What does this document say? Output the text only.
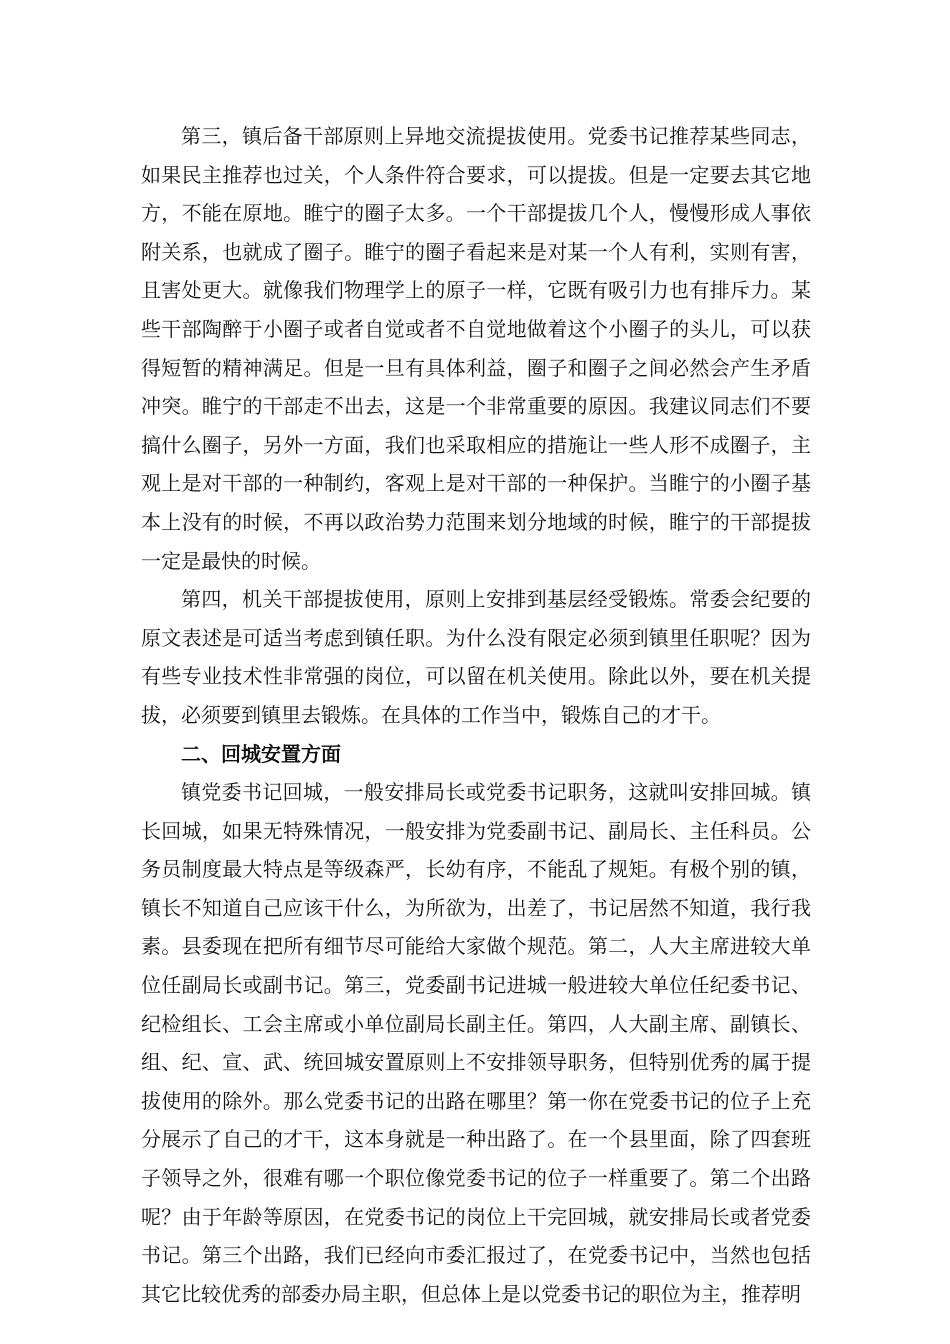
第三，镇后备干部原则上异地交流提拔使用。党委书记推荐某些同志，如果民主推荐也过关，个人条件符合要求，可以提拔。但是一定要去其它地方，不能在原地。睢宁的圈子太多。一个干部提拔几个人，慢慢形成人事依附关系，也就成了圈子。睢宁的圈子看起来是对某一个人有利，实则有害，且害处更大。就像我们物理学上的原子一样，它既有吸引力也有排斥力。某些干部陶醉于小圈子或者自觉或者不自觉地做着这个小圈子的头儿，可以获得短暂的精神满足。但是一旦有具体利益，圈子和圈子之间必然会产生矛盾冲突。睢宁的干部走不出去，这是一个非常重要的原因。我建议同志们不要搞什么圈子，另外一方面，我们也采取相应的措施让一些人形不成圈子，主观上是对干部的一种制约，客观上是对干部的一种保护。当睢宁的小圈子基本上没有的时候，不再以政治势力范围来划分地域的时候，睢宁的干部提拔一定是最快的时候。

第四，机关干部提拔使用，原则上安排到基层经受锻炼。常委会纪要的原文表述是可适当考虑到镇任职。为什么没有限定必须到镇里任职呢？因为有些专业技术性非常强的岗位，可以留在机关使用。除此以外，要在机关提拔，必须要到镇里去锻炼。在具体的工作当中，锻炼自己的才干。

二、回城安置方面

镇党委书记回城，一般安排局长或党委书记职务，这就叫安排回城。镇长回城，如果无特殊情况，一般安排为党委副书记、副局长、主任科员。公务员制度最大特点是等级森严，长幼有序，不能乱了规矩。有极个别的镇，镇长不知道自己应该干什么，为所欲为，出差了，书记居然不知道，我行我素。县委现在把所有细节尽可能给大家做个规范。第二，人大主席进较大单位任副局长或副书记。第三，党委副书记进城一般进较大单位任纪委书记、纪检组长、工会主席或小单位副局长副主任。第四，人大副主席、副镇长、组、纪、宣、武、统回城安置原则上不安排领导职务，但特别优秀的属于提拔使用的除外。那么党委书记的出路在哪里？第一你在党委书记的位子上充分展示了自己的才干，这本身就是一种出路了。在一个县里面，除了四套班子领导之外，很难有哪一个职位像党委书记的位子一样重要了。第二个出路呢？由于年龄等原因，在党委书记的岗位上干完回城，就安排局长或者党委书记。第三个出路，我们已经向市委汇报过了，在党委书记中，当然也包括其它比较优秀的部委办局主职，但总体上是以党委书记的职位为主，推荐明
